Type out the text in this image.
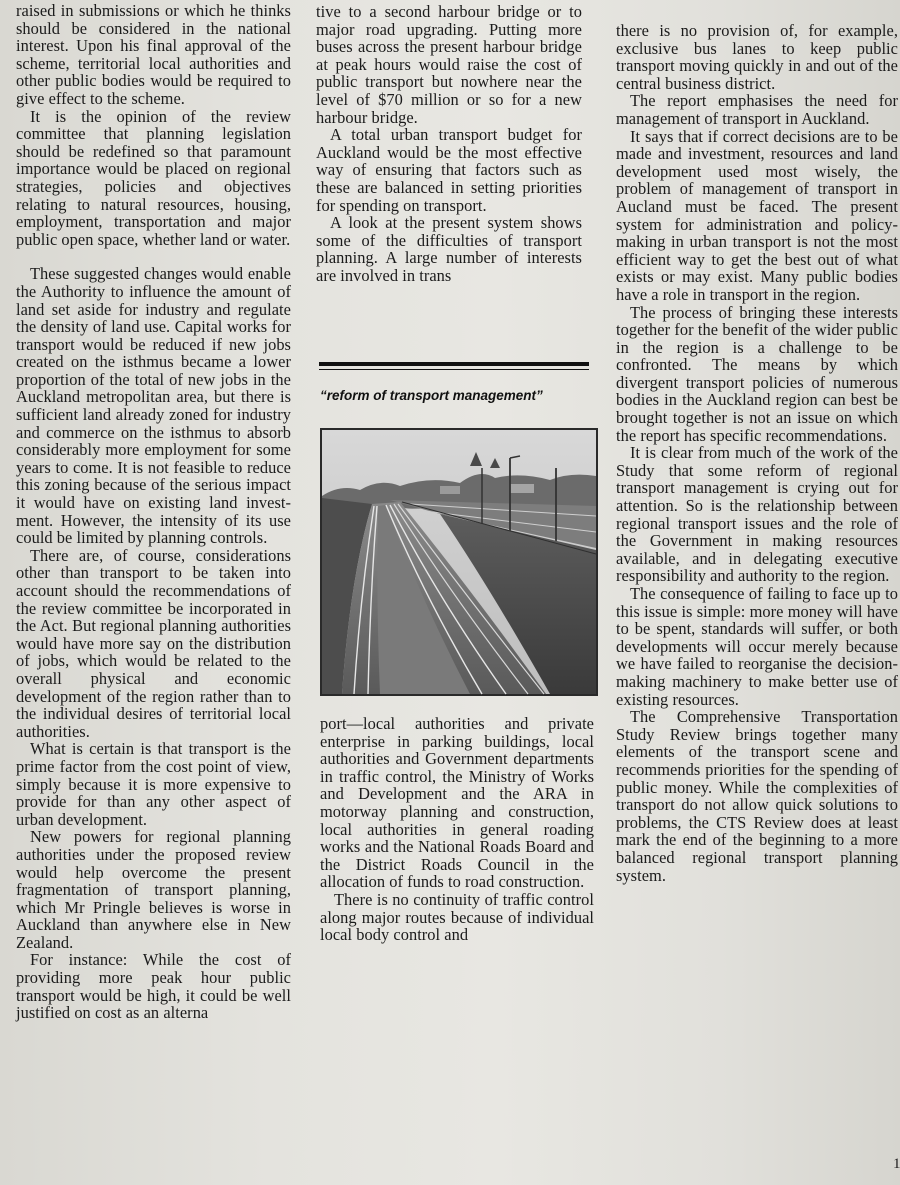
raised in submissions or which he thinks should be considered in the national interest. Upon his final approval of the scheme, territorial local authorities and other public bodies would be required to give effect to the scheme.

It is the opinion of the review committee that planning legislation should be redefined so that paramount importance would be placed on regional strategies, policies and objectives relating to natural resources, housing, employment, transportation and major public open space, whether land or water.

These suggested changes would enable the Authority to influence the amount of land set aside for industry and regulate the density of land use. Capital works for transport would be reduced if new jobs created on the isthmus became a lower proportion of the total of new jobs in the Auckland metropolitan area, but there is sufficient land already zoned for industry and commerce on the isthmus to absorb considerably more employment for some years to come. It is not feasible to reduce this zoning because of the serious impact it would have on existing land investment. However, the intensity of its use could be limited by planning controls.

There are, of course, considerations other than transport to be taken into account should the recommendations of the review committee be incorporated in the Act. But regional planning authorities would have more say on the distribution of jobs, which would be related to the overall physical and economic development of the region rather than to the individual desires of territorial local authorities.

What is certain is that transport is the prime factor from the cost point of view, simply because it is more expensive to provide for than any other aspect of urban development.

New powers for regional planning authorities under the proposed review would help overcome the present fragmentation of transport planning, which Mr Pringle believes is worse in Auckland than anywhere else in New Zealand.

For instance: While the cost of providing more peak hour public transport would be high, it could be well justified on cost as an alterna

tive to a second harbour bridge or to major road upgrading. Putting more buses across the present harbour bridge at peak hours would raise the cost of public transport but nowhere near the level of $70 million or so for a new harbour bridge.

A total urban transport budget for Auckland would be the most effective way of ensuring that factors such as these are balanced in setting priorities for spending on transport.

A look at the present system shows some of the difficulties of transport planning. A large number of interests are involved in trans

“reform of transport management”

port—local authorities and private enterprise in parking buildings, local authorities and Government departments in traffic control, the Ministry of Works and Development and the ARA in motorway planning and construction, local authorities in general roading works and the National Roads Board and the District Roads Council in the allocation of funds to road construction.

There is no continuity of traffic control along major routes because of individual local body control and

there is no provision of, for example, exclusive bus lanes to keep public transport moving quickly in and out of the central business district.

The report emphasises the need for management of transport in Auckland.

It says that if correct decisions are to be made and investment, resources and land development used most wisely, the problem of management of transport in Aucland must be faced. The present system for administration and policy-making in urban transport is not the most efficient way to get the best out of what exists or may exist. Many public bodies have a role in transport in the region.

The process of bringing these interests together for the benefit of the wider public in the region is a challenge to be confronted. The means by which divergent transport policies of numerous bodies in the Auckland region can best be brought together is not an issue on which the report has specific recommendations.

It is clear from much of the work of the Study that some reform of regional transport management is crying out for attention. So is the relationship between regional transport issues and the role of the Government in making resources available, and in delegating executive responsibility and authority to the region.

The consequence of failing to face up to this issue is simple: more money will have to be spent, standards will suffer, or both developments will occur merely because we have failed to reorganise the decision-making machinery to make better use of existing resources.

The Comprehensive Transportation Study Review brings together many elements of the transport scene and recommends priorities for the spending of public money. While the complexities of transport do not allow quick solutions to problems, the CTS Review does at least mark the end of the beginning to a more balanced regional transport planning system.

1
